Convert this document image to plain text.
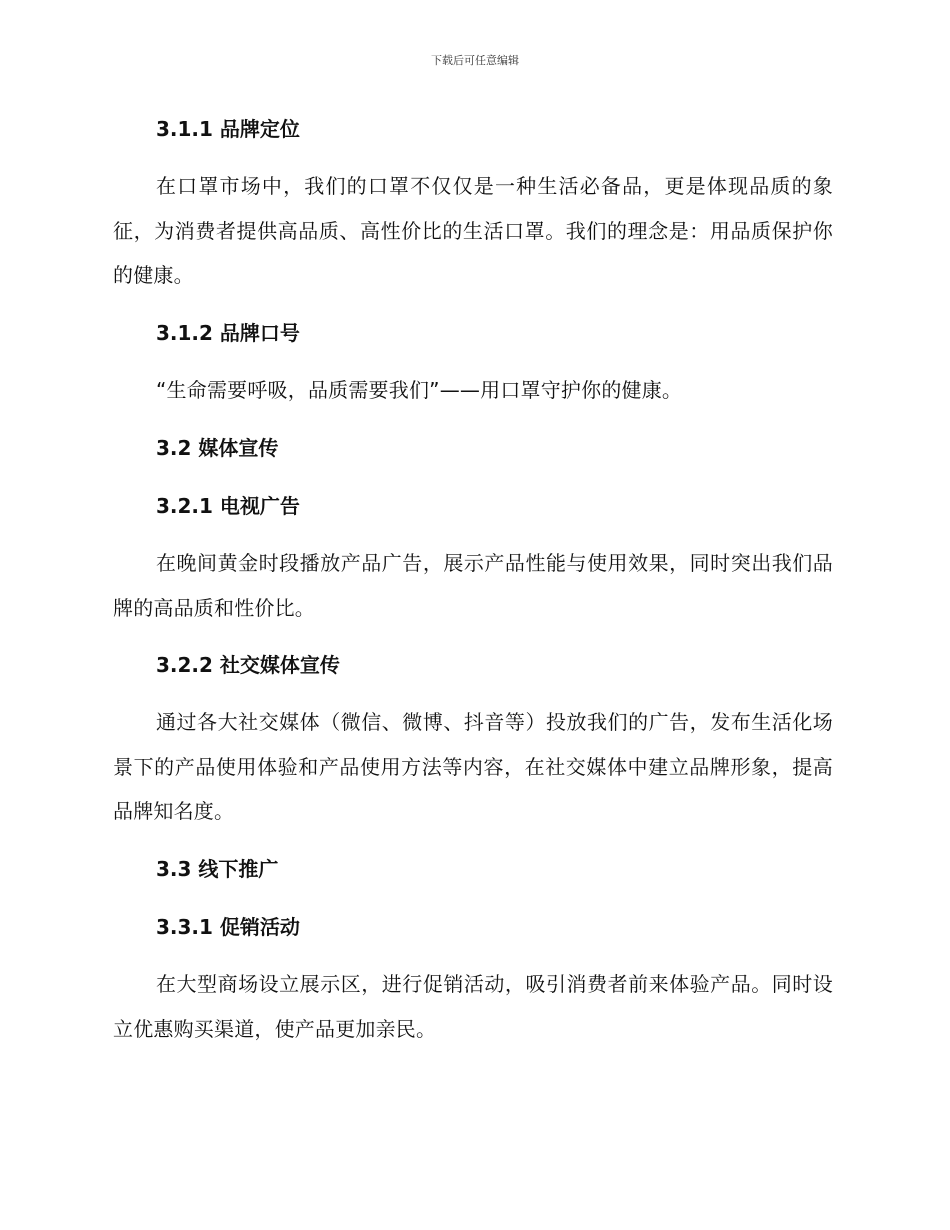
下载后可任意编辑
3.1.1 品牌定位
在口罩市场中，我们的口罩不仅仅是一种生活必备品，更是体现品质的象征，为消费者提供高品质、高性价比的生活口罩。我们的理念是：用品质保护你的健康。
3.1.2 品牌口号
“生命需要呼吸，品质需要我们”——用口罩守护你的健康。
3.2 媒体宣传
3.2.1 电视广告
在晚间黄金时段播放产品广告，展示产品性能与使用效果，同时突出我们品牌的高品质和性价比。
3.2.2 社交媒体宣传
通过各大社交媒体（微信、微博、抖音等）投放我们的广告，发布生活化场景下的产品使用体验和产品使用方法等内容，在社交媒体中建立品牌形象，提高品牌知名度。
3.3 线下推广
3.3.1 促销活动
在大型商场设立展示区，进行促销活动，吸引消费者前来体验产品。同时设立优惠购买渠道，使产品更加亲民。
